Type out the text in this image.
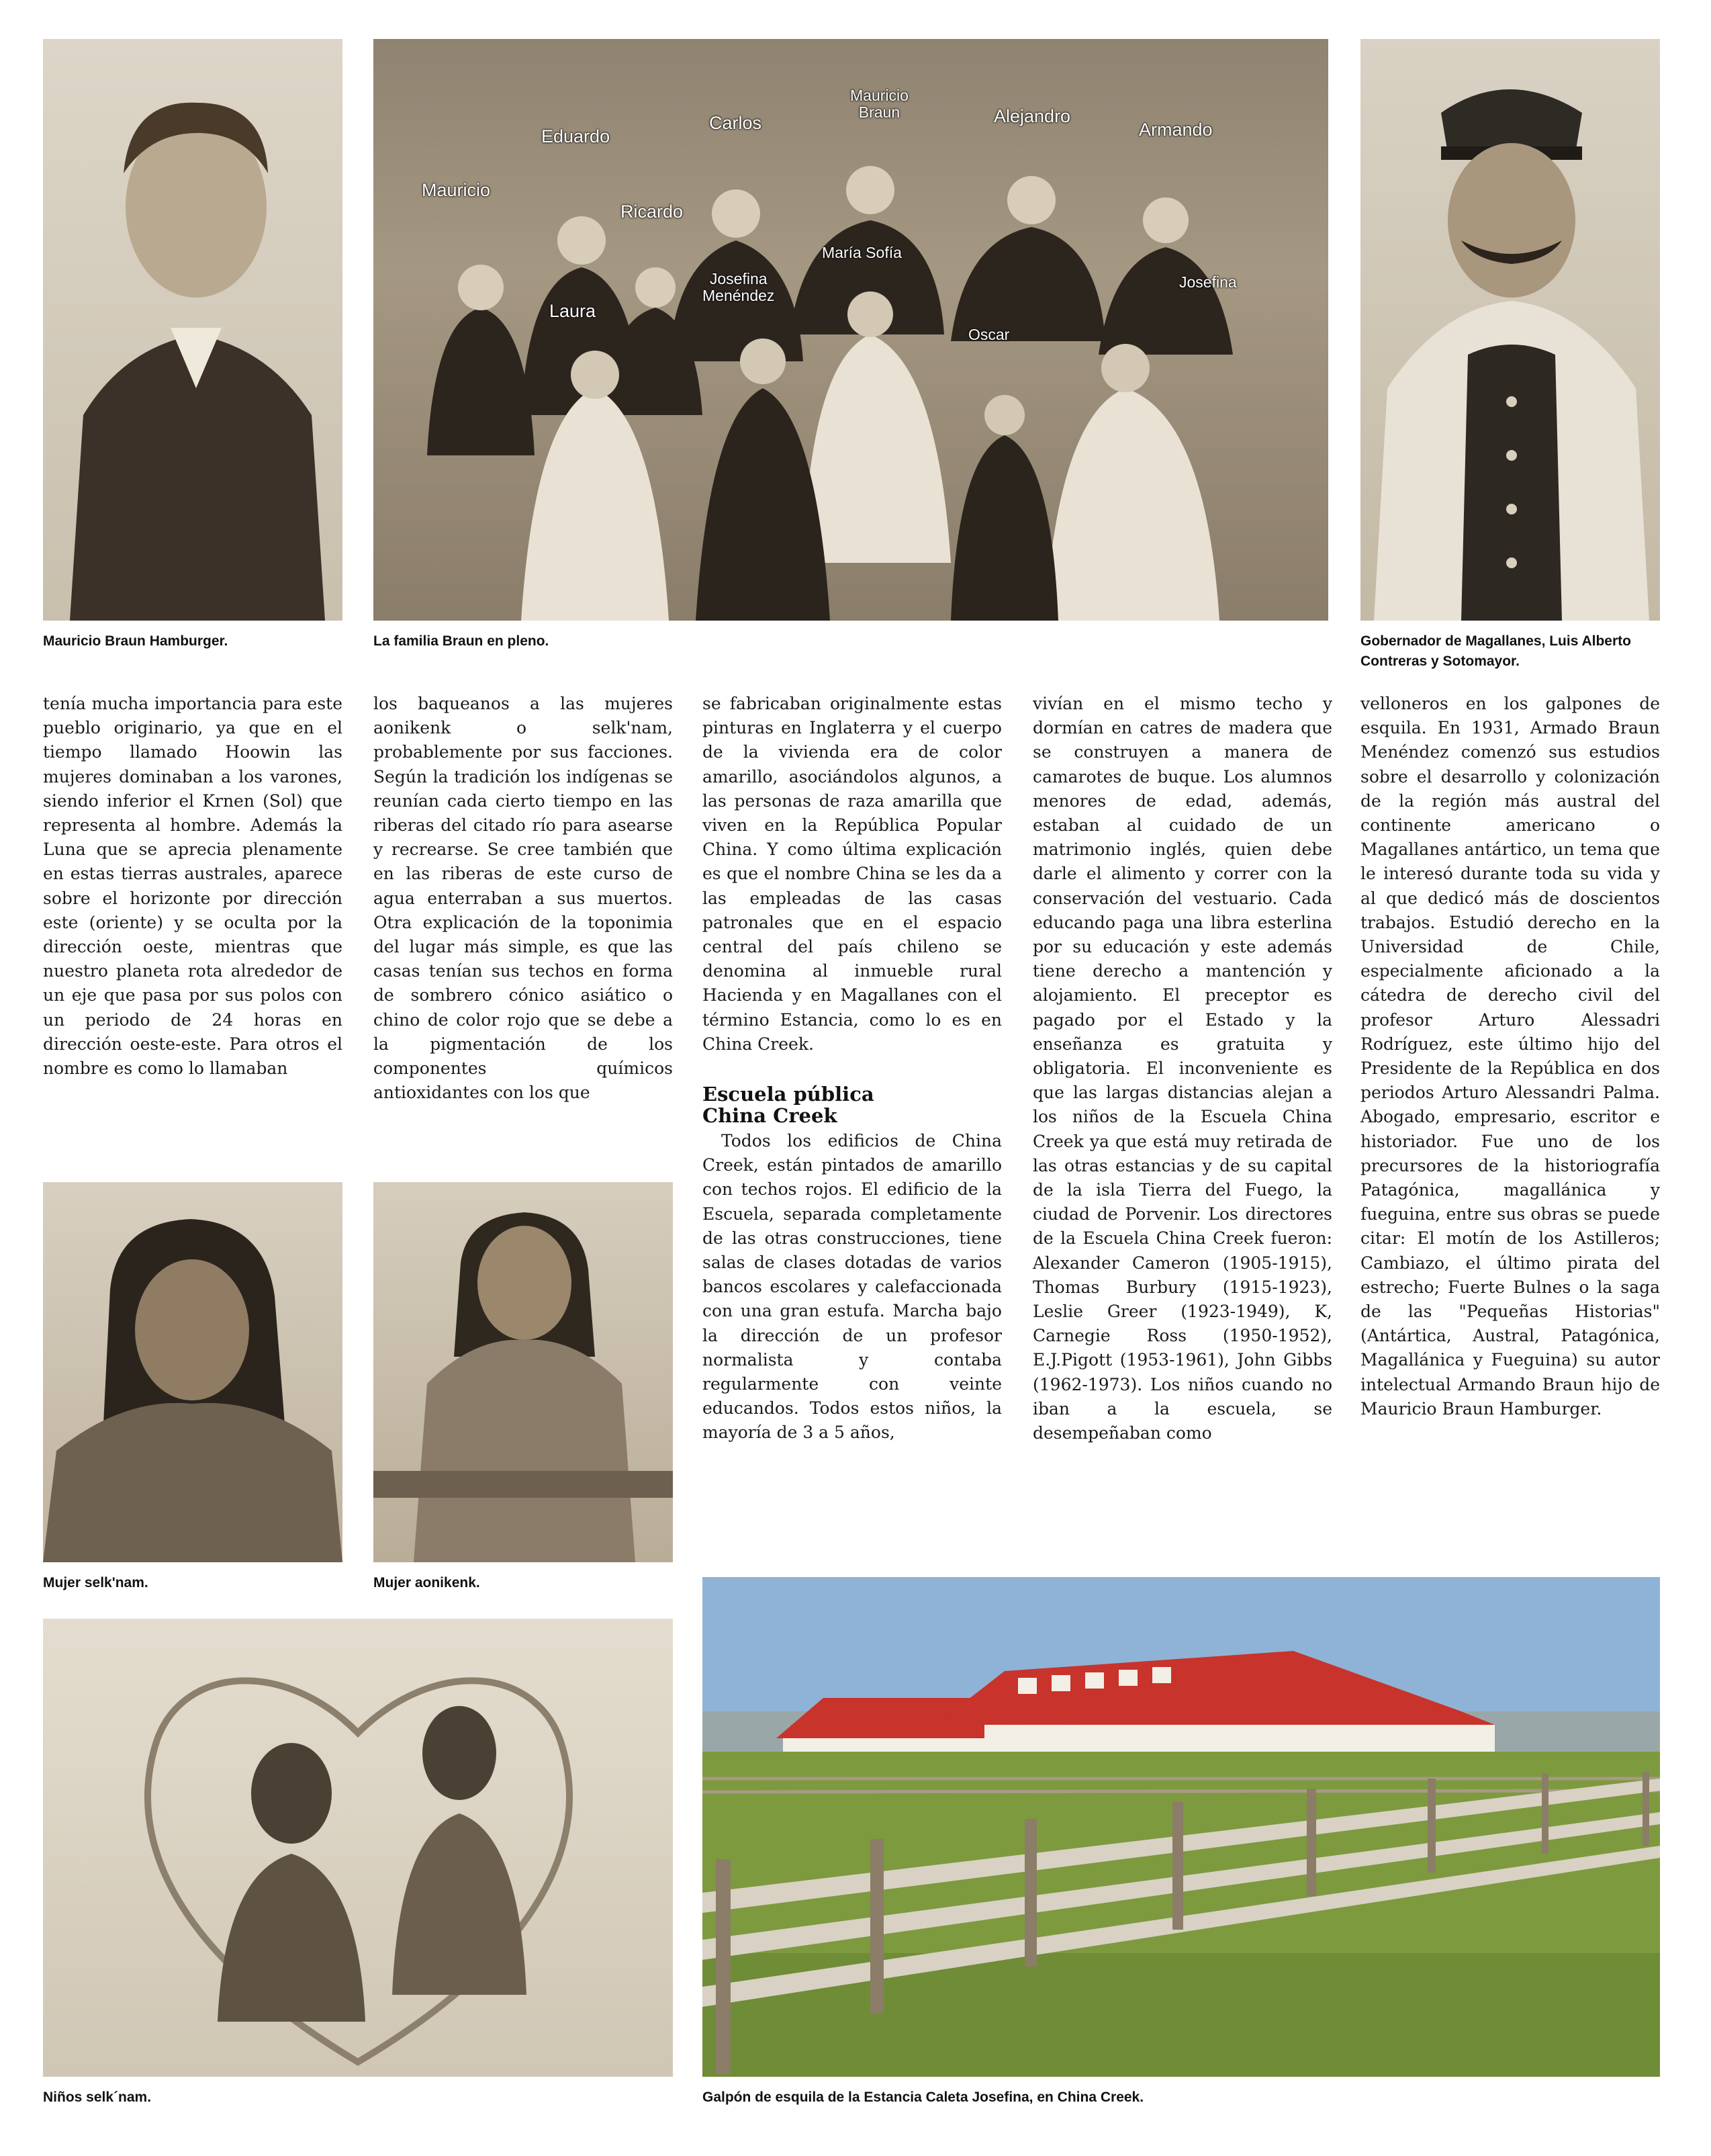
Mauricio Braun Hamburger.
Mauricio
Eduardo
Carlos
Mauricio
Braun	Alejandro
Armando
Ricardo
María Sofía
Josefina
Menéndez
Laura
Oscar
Josefina
La familia Braun en pleno.	Gobernador de Magallanes, Luis Alberto Contreras y Sotomayor.

tenía mucha importancia para este pueblo originario, ya que en el tiempo llamado Hoowin las mujeres dominaban a los varones, siendo inferior el Krnen (Sol) que representa al hombre. Además la Luna que se aprecia plenamente en estas tierras australes, aparece sobre el horizonte por dirección este (oriente) y se oculta por la dirección oeste, mientras que nuestro planeta rota alrededor de un eje que pasa por sus polos con un periodo de 24 horas en dirección oeste-este. Para otros el nombre es como lo llamaban

los baqueanos a las mujeres aonikenk o selk'nam, probablemente por sus facciones. Según la tradición los indígenas se reunían cada cierto tiempo en las riberas del citado río para asearse y recrearse. Se cree también que en las riberas de este curso de agua enterraban a sus muertos. Otra explicación de la toponimia del lugar más simple, es que las casas tenían sus techos en forma de sombrero cónico asiático o chino de color rojo que se debe a la pigmentación de los componentes químicos antioxidantes con los que

se fabricaban originalmente estas pinturas en Inglaterra y el cuerpo de la vivienda era de color amarillo, asociándolos algunos, a las personas de raza amarilla que viven en la República Popular China. Y como última explicación es que el nombre China se les da a las empleadas de las casas patronales que en el espacio central del país chileno se denomina al inmueble rural Hacienda y en Magallanes con el término Estancia, como lo es en China Creek.

Escuela pública
China Creek

Todos los edificios de China Creek, están pintados de amarillo con techos rojos. El edificio de la Escuela, separada completamente de las otras construcciones, tiene salas de clases dotadas de varios bancos escolares y calefaccionada con una gran estufa. Marcha bajo la dirección de un profesor normalista y contaba regularmente con veinte educandos. Todos estos niños, la mayoría de 3 a 5 años,

vivían en el mismo techo y dormían en catres de madera que se construyen a manera de camarotes de buque. Los alumnos menores de edad, además, estaban al cuidado de un matrimonio inglés, quien debe darle el alimento y correr con la conservación del vestuario. Cada educando paga una libra esterlina por su educación y este además tiene derecho a mantención y alojamiento. El preceptor es pagado por el Estado y la enseñanza es gratuita y obligatoria. El inconveniente es que las largas distancias alejan a los niños de la Escuela China Creek ya que está muy retirada de las otras estancias y de su capital de la isla Tierra del Fuego, la ciudad de Porvenir. Los directores de la Escuela China Creek fueron: Alexander Cameron (1905-1915), Thomas Burbury (1915-1923), Leslie Greer (1923-1949), K, Carnegie Ross (1950-1952), E.J.Pigott (1953-1961), John Gibbs (1962-1973). Los niños cuando no iban a la escuela, se desempeñaban como

velloneros en los galpones de esquila. En 1931, Armado Braun Menéndez comenzó sus estudios sobre el desarrollo y colonización de la región más austral del continente americano o Magallanes antártico, un tema que le interesó durante toda su vida y al que dedicó más de doscientos trabajos. Estudió derecho en la Universidad de Chile, especialmente aficionado a la cátedra de derecho civil del profesor Arturo Alessadri Rodríguez, este último hijo del Presidente de la República en dos periodos Arturo Alessandri Palma. Abogado, empresario, escritor e historiador. Fue uno de los precursores de la historiografía Patagónica, magallánica y fueguina, entre sus obras se puede citar: El motín de los Astilleros; Cambiazo, el último pirata del estrecho; Fuerte Bulnes o la saga de las "Pequeñas Historias" (Antártica, Austral, Patagónica, Magallánica y Fueguina) su autor intelectual Armando Braun hijo de Mauricio Braun Hamburger.

Mujer selk'nam.	Mujer aonikenk.
Niños selk´nam.	Galpón de esquila de la Estancia Caleta Josefina, en China Creek.
